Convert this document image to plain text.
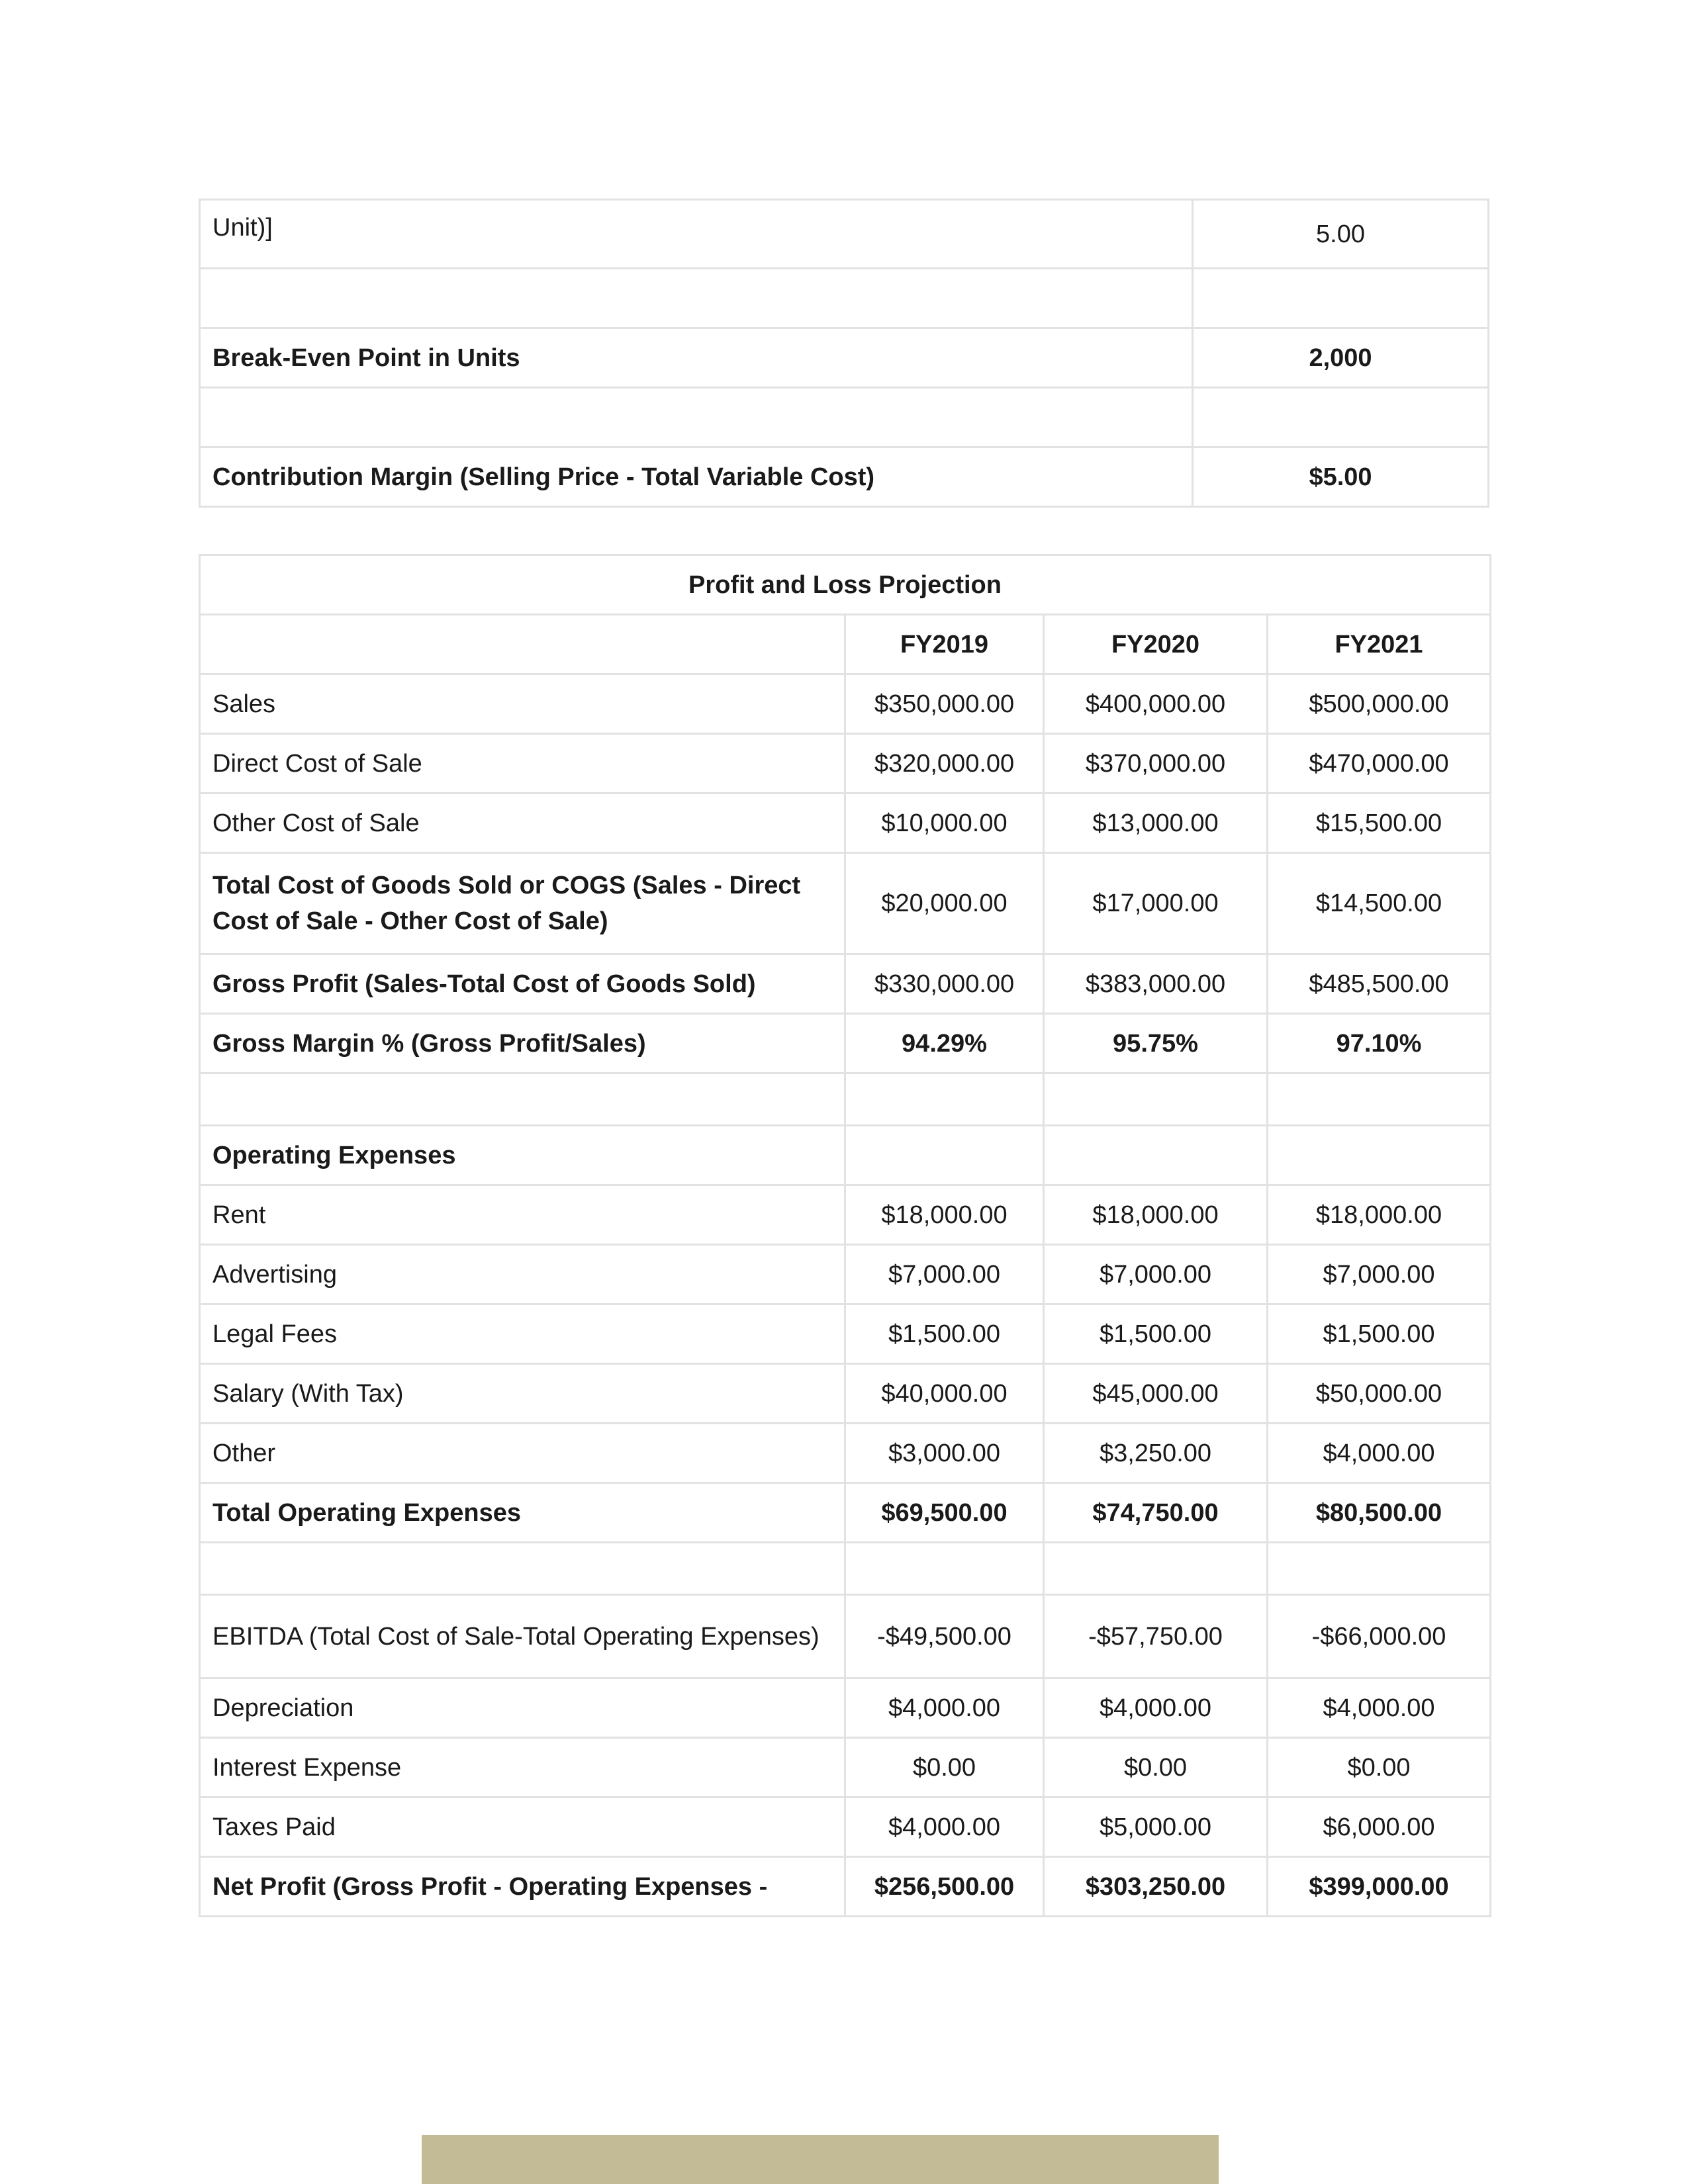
Unit)]	5.00

Break-Even Point in Units	2,000

Contribution Margin (Selling Price - Total Variable Cost)	$5.00
Profit and Loss Projection			
	FY2019	FY2020	FY2021
Sales	$350,000.00	$400,000.00	$500,000.00
Direct Cost of Sale	$320,000.00	$370,000.00	$470,000.00
Other Cost of Sale	$10,000.00	$13,000.00	$15,500.00
Total Cost of Goods Sold or COGS (Sales - Direct Cost of Sale - Other Cost of Sale)	$20,000.00	$17,000.00	$14,500.00
Gross Profit (Sales-Total Cost of Goods Sold)	$330,000.00	$383,000.00	$485,500.00
Gross Margin % (Gross Profit/Sales)	94.29%	95.75%	97.10%

Operating Expenses			
Rent	$18,000.00	$18,000.00	$18,000.00
Advertising	$7,000.00	$7,000.00	$7,000.00
Legal Fees	$1,500.00	$1,500.00	$1,500.00
Salary (With Tax)	$40,000.00	$45,000.00	$50,000.00
Other	$3,000.00	$3,250.00	$4,000.00
Total Operating Expenses	$69,500.00	$74,750.00	$80,500.00

EBITDA (Total Cost of Sale-Total Operating Expenses)	-$49,500.00	-$57,750.00	-$66,000.00
Depreciation	$4,000.00	$4,000.00	$4,000.00
Interest Expense	$0.00	$0.00	$0.00
Taxes Paid	$4,000.00	$5,000.00	$6,000.00
Net Profit (Gross Profit - Operating Expenses -	$256,500.00	$303,250.00	$399,000.00
